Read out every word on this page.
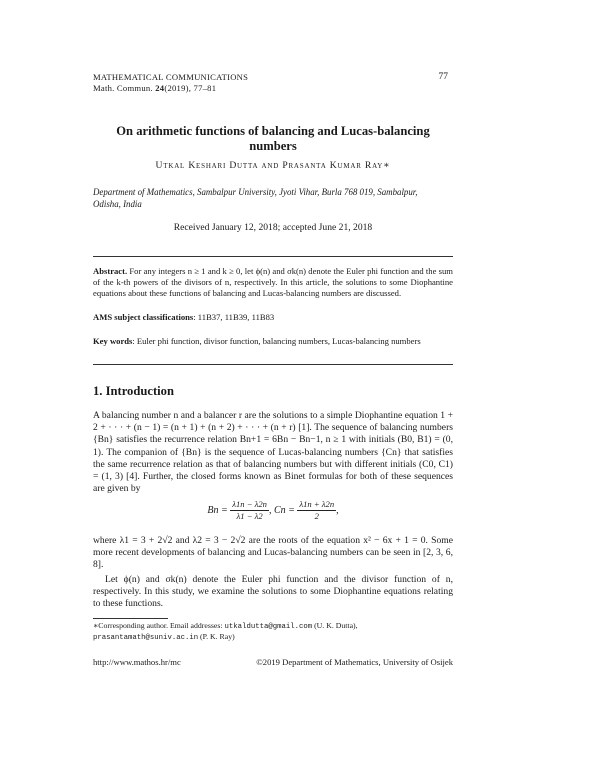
MATHEMATICAL COMMUNICATIONS
Math. Commun. 24(2019), 77–81
77
On arithmetic functions of balancing and Lucas-balancing numbers
Utkal Keshari Dutta and Prasanta Kumar Ray∗
Department of Mathematics, Sambalpur University, Jyoti Vihar, Burla 768 019, Sambalpur, Odisha, India
Received January 12, 2018; accepted June 21, 2018
Abstract. For any integers n ≥ 1 and k ≥ 0, let ϕ(n) and σk(n) denote the Euler phi function and the sum of the k-th powers of the divisors of n, respectively. In this article, the solutions to some Diophantine equations about these functions of balancing and Lucas-balancing numbers are discussed.
AMS subject classifications: 11B37, 11B39, 11B83
Key words: Euler phi function, divisor function, balancing numbers, Lucas-balancing numbers
1. Introduction
A balancing number n and a balancer r are the solutions to a simple Diophantine equation 1 + 2 + · · · + (n − 1) = (n + 1) + (n + 2) + · · · + (n + r) [1]. The sequence of balancing numbers {Bn} satisfies the recurrence relation Bn+1 = 6Bn − Bn−1, n ≥ 1 with initials (B0, B1) = (0, 1). The companion of {Bn} is the sequence of Lucas-balancing numbers {Cn} that satisfies the same recurrence relation as that of balancing numbers but with different initials (C0, C1) = (1, 3) [4]. Further, the closed forms known as Binet formulas for both of these sequences are given by
$Bn = \frac{\lambda 1n - \lambda 2n}{\lambda 1 - \lambda 2}$ , $Cn = \frac{\lambda 1n + \lambda 2n}{2}$ ,
where λ1 = 3 + 2√2 and λ2 = 3 − 2√2 are the roots of the equation x² − 6x + 1 = 0. Some more recent developments of balancing and Lucas-balancing numbers can be seen in [2, 3, 6, 8].
Let ϕ(n) and σk(n) denote the Euler phi function and the divisor function of n, respectively. In this study, we examine the solutions to some Diophantine equations relating to these functions.
∗Corresponding author. Email addresses: utkaldutta@gmail.com (U. K. Dutta),
prasantamath@suniv.ac.in (P. K. Ray)
http://www.mathos.hr/mc	©2019 Department of Mathematics, University of Osijek
